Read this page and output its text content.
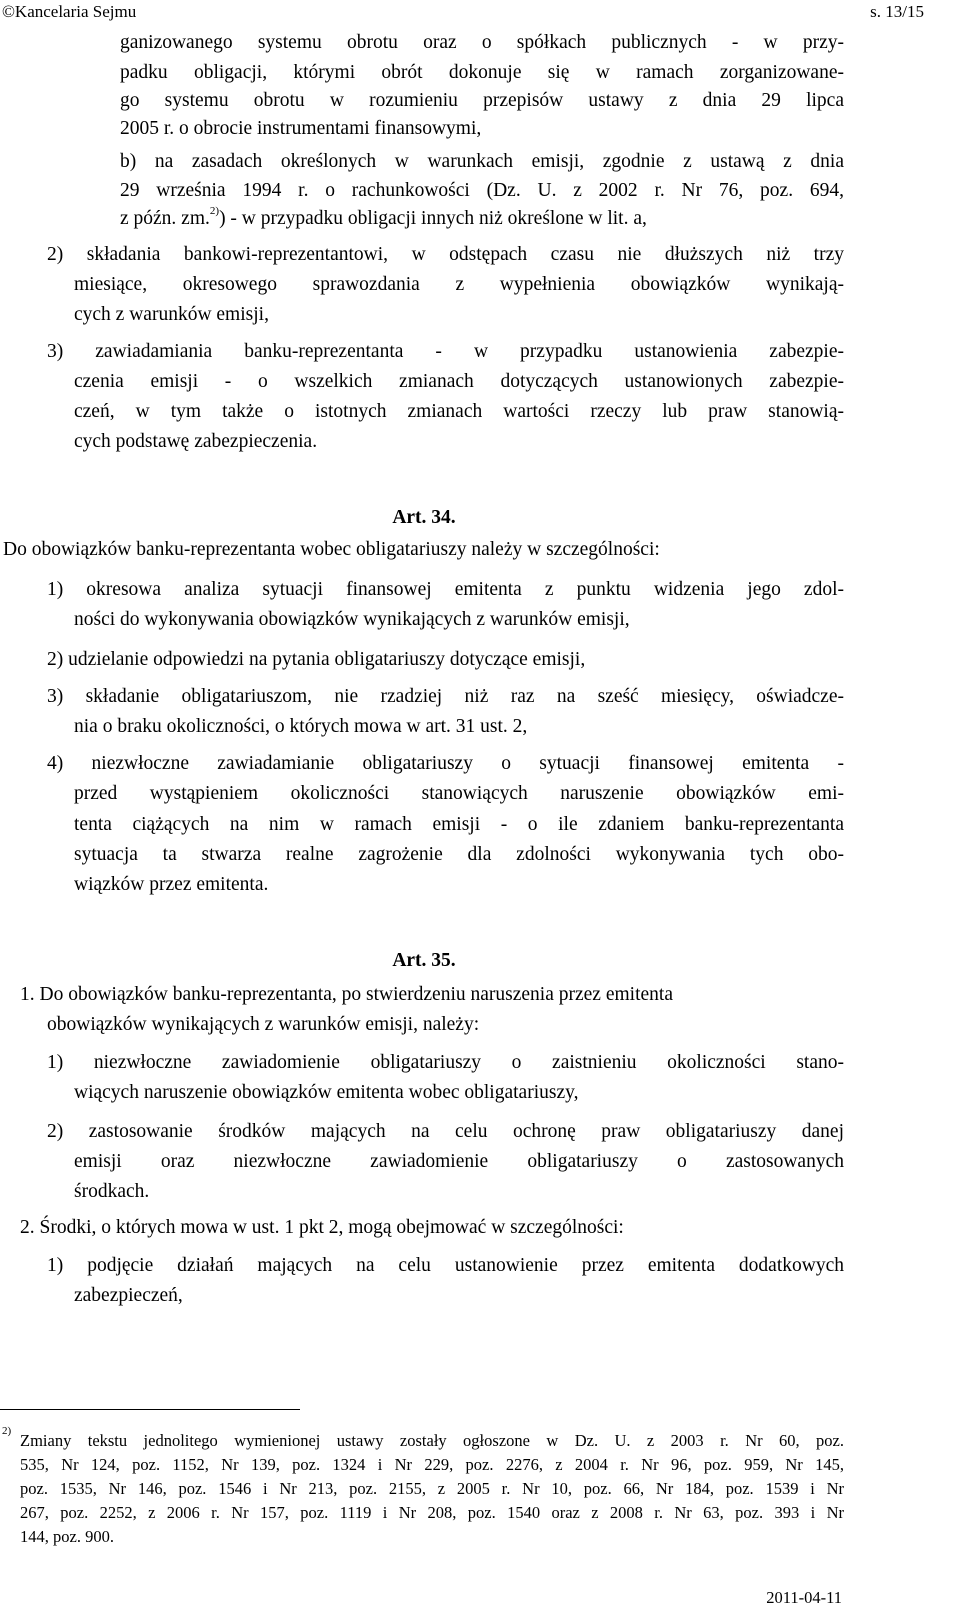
©Kancelaria Sejmu	s. 13/15
ganizowanego systemu obrotu oraz o spółkach publicznych - w przy-
padku obligacji, którymi obrót dokonuje się w ramach zorganizowane-
go systemu obrotu w rozumieniu przepisów ustawy z dnia 29 lipca
2005 r. o obrocie instrumentami finansowymi,
b) na zasadach określonych w warunkach emisji, zgodnie z ustawą z dnia
29 września 1994 r. o rachunkowości (Dz. U. z 2002 r. Nr 76, poz. 694,
z późn. zm.$^{2)}$) - w przypadku obligacji innych niż określone w lit. a,
2) składania bankowi-reprezentantowi, w odstępach czasu nie dłuższych niż trzy
miesiące, okresowego sprawozdania z wypełnienia obowiązków wynikają-
cych z warunków emisji,
3) zawiadamiania banku-reprezentanta - w przypadku ustanowienia zabezpie-
czenia emisji - o wszelkich zmianach dotyczących ustanowionych zabezpie-
czeń, w tym także o istotnych zmianach wartości rzeczy lub praw stanowią-
cych podstawę zabezpieczenia.
Art. 34.
Do obowiązków banku-reprezentanta wobec obligatariuszy należy w szczególności:
1) okresowa analiza sytuacji finansowej emitenta z punktu widzenia jego zdol-
ności do wykonywania obowiązków wynikających z warunków emisji,
2) udzielanie odpowiedzi na pytania obligatariuszy dotyczące emisji,
3) składanie obligatariuszom, nie rzadziej niż raz na sześć miesięcy, oświadcze-
nia o braku okoliczności, o których mowa w art. 31 ust. 2,
4) niezwłoczne zawiadamianie obligatariuszy o sytuacji finansowej emitenta -
przed wystąpieniem okoliczności stanowiących naruszenie obowiązków emi-
tenta ciążących na nim w ramach emisji - o ile zdaniem banku-reprezentanta
sytuacja ta stwarza realne zagrożenie dla zdolności wykonywania tych obo-
wiązków przez emitenta.
Art. 35.
1. Do obowiązków banku-reprezentanta, po stwierdzeniu naruszenia przez emitenta
obowiązków wynikających z warunków emisji, należy:
1) niezwłoczne zawiadomienie obligatariuszy o zaistnieniu okoliczności stano-
wiących naruszenie obowiązków emitenta wobec obligatariuszy,
2) zastosowanie środków mających na celu ochronę praw obligatariuszy danej
emisji oraz niezwłoczne zawiadomienie obligatariuszy o zastosowanych
środkach.
2. Środki, o których mowa w ust. 1 pkt 2, mogą obejmować w szczególności:
1) podjęcie działań mających na celu ustanowienie przez emitenta dodatkowych
zabezpieczeń,
2) Zmiany tekstu jednolitego wymienionej ustawy zostały ogłoszone w Dz. U. z 2003 r. Nr 60, poz.
535, Nr 124, poz. 1152, Nr 139, poz. 1324 i Nr 229, poz. 2276, z 2004 r. Nr 96, poz. 959, Nr 145,
poz. 1535, Nr 146, poz. 1546 i Nr 213, poz. 2155, z 2005 r. Nr 10, poz. 66, Nr 184, poz. 1539 i Nr
267, poz. 2252, z 2006 r. Nr 157, poz. 1119 i Nr 208, poz. 1540 oraz z 2008 r. Nr 63, poz. 393 i Nr
144, poz. 900.
2011-04-11
